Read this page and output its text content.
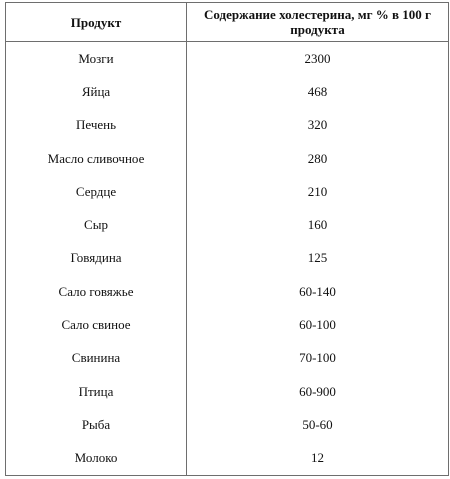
Продукт	Содержание холестерина, мг % в 100 г продукта
Мозги	2300
Яйца	468
Печень	320
Масло сливочное	280
Сердце	210
Сыр	160
Говядина	125
Сало говяжье	60-140
Сало свиное	60-100
Свинина	70-100
Птица	60-900
Рыба	50-60
Молоко	12
